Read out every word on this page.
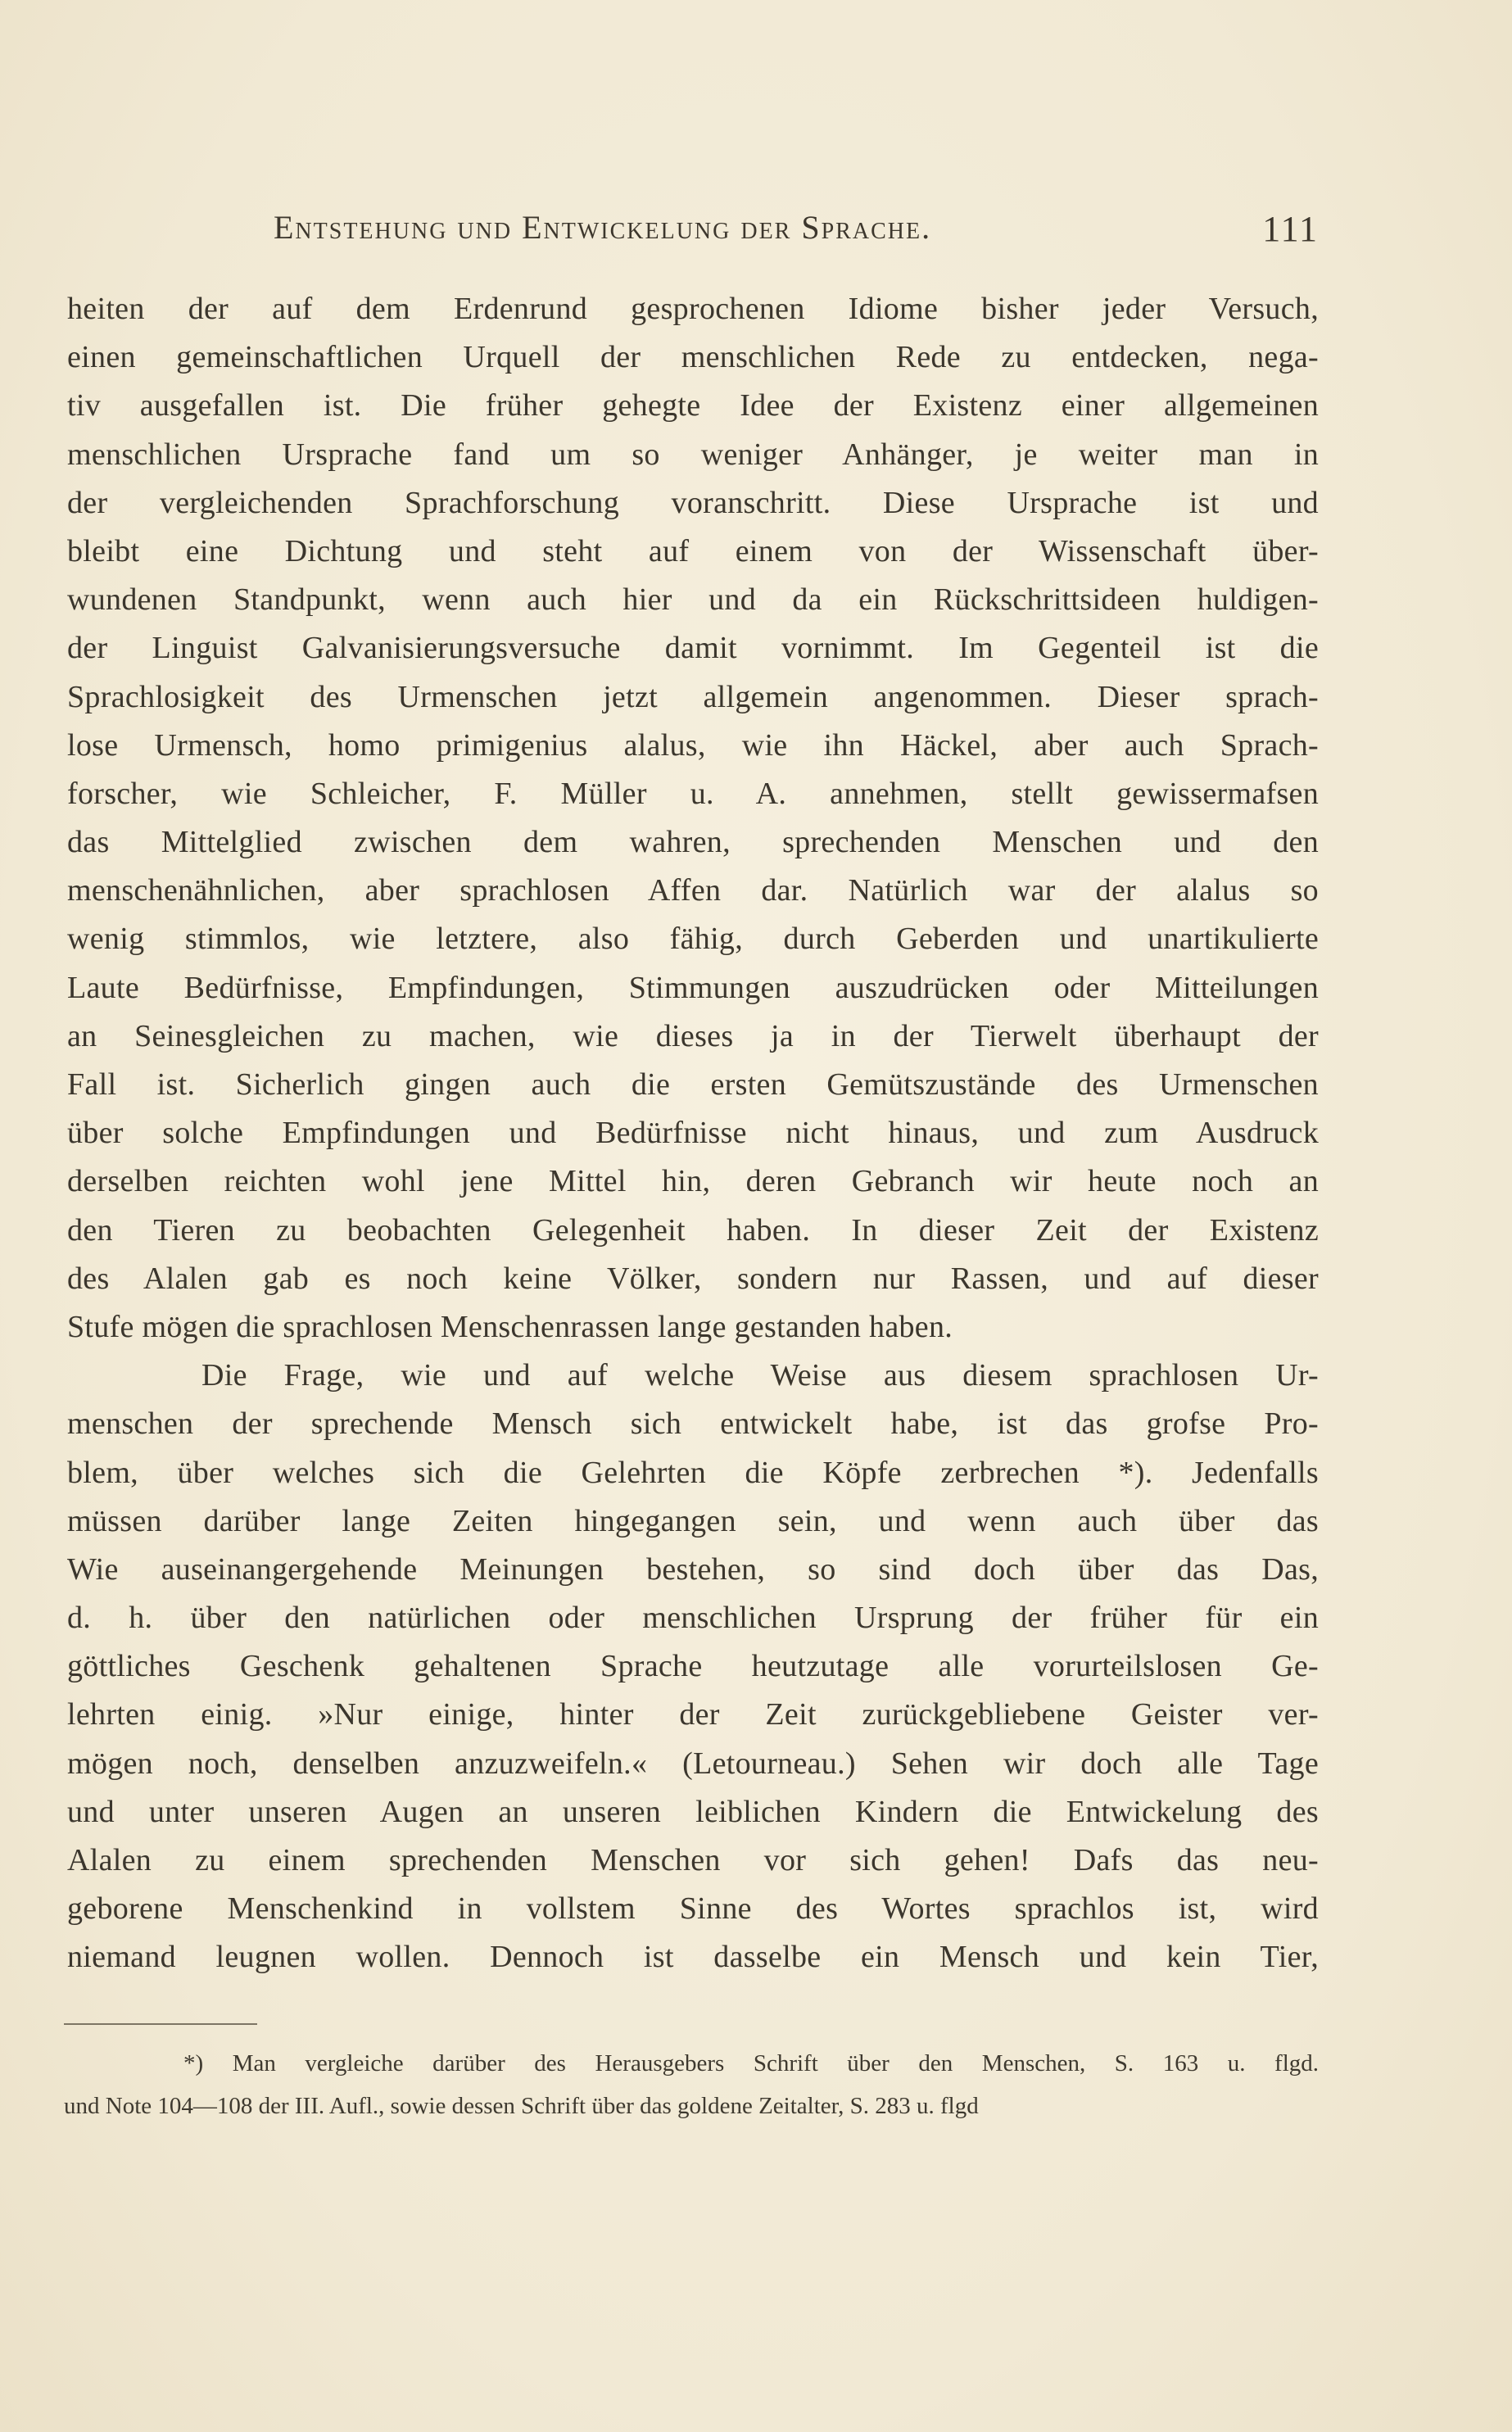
Entstehung und Entwickelung der Sprache.	111
heiten der auf dem Erdenrund gesprochenen Idiome bisher jeder Versuch,
einen gemeinschaftlichen Urquell der menschlichen Rede zu entdecken, nega-
tiv ausgefallen ist. Die früher gehegte Idee der Existenz einer allgemeinen
menschlichen Ursprache fand um so weniger Anhänger, je weiter man in
der vergleichenden Sprachforschung voranschritt. Diese Ursprache ist und
bleibt eine Dichtung und steht auf einem von der Wissenschaft über-
wundenen Standpunkt, wenn auch hier und da ein Rückschrittsideen huldigen-
der Linguist Galvanisierungsversuche damit vornimmt. Im Gegenteil ist die
Sprachlosigkeit des Urmenschen jetzt allgemein angenommen. Dieser sprach-
lose Urmensch, homo primigenius alalus, wie ihn Häckel, aber auch Sprach-
forscher, wie Schleicher, F. Müller u. A. annehmen, stellt gewissermafsen
das Mittelglied zwischen dem wahren, sprechenden Menschen und den
menschenähnlichen, aber sprachlosen Affen dar. Natürlich war der alalus so
wenig stimmlos, wie letztere, also fähig, durch Geberden und unartikulierte
Laute Bedürfnisse, Empfindungen, Stimmungen auszudrücken oder Mitteilungen
an Seinesgleichen zu machen, wie dieses ja in der Tierwelt überhaupt der
Fall ist. Sicherlich gingen auch die ersten Gemütszustände des Urmenschen
über solche Empfindungen und Bedürfnisse nicht hinaus, und zum Ausdruck
derselben reichten wohl jene Mittel hin, deren Gebranch wir heute noch an
den Tieren zu beobachten Gelegenheit haben. In dieser Zeit der Existenz
des Alalen gab es noch keine Völker, sondern nur Rassen, und auf dieser
Stufe mögen die sprachlosen Menschenrassen lange gestanden haben.
Die Frage, wie und auf welche Weise aus diesem sprachlosen Ur-
menschen der sprechende Mensch sich entwickelt habe, ist das grofse Pro-
blem, über welches sich die Gelehrten die Köpfe zerbrechen *). Jedenfalls
müssen darüber lange Zeiten hingegangen sein, und wenn auch über das
Wie auseinangergehende Meinungen bestehen, so sind doch über das Das,
d. h. über den natürlichen oder menschlichen Ursprung der früher für ein
göttliches Geschenk gehaltenen Sprache heutzutage alle vorurteilslosen Ge-
lehrten einig. »Nur einige, hinter der Zeit zurückgebliebene Geister ver-
mögen noch, denselben anzuzweifeln.« (Letourneau.) Sehen wir doch alle Tage
und unter unseren Augen an unseren leiblichen Kindern die Entwickelung des
Alalen zu einem sprechenden Menschen vor sich gehen! Dafs das neu-
geborene Menschenkind in vollstem Sinne des Wortes sprachlos ist, wird
niemand leugnen wollen. Dennoch ist dasselbe ein Mensch und kein Tier,
*) Man vergleiche darüber des Herausgebers Schrift über den Menschen, S. 163 u. flgd.
und Note 104—108 der III. Aufl., sowie dessen Schrift über das goldene Zeitalter, S. 283 u. flgd
